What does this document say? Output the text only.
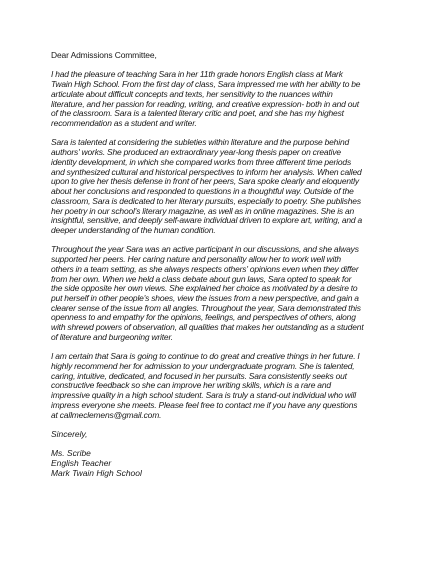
Dear Admissions Committee,

I had the pleasure of teaching Sara in her 11th grade honors English class at Mark
Twain High School. From the first day of class, Sara impressed me with her ability to be
articulate about difficult concepts and texts, her sensitivity to the nuances within
literature, and her passion for reading, writing, and creative expression- both in and out
of the classroom. Sara is a talented literary critic and poet, and she has my highest
recommendation as a student and writer.

Sara is talented at considering the subleties within literature and the purpose behind
authors' works. She produced an extraordinary year-long thesis paper on creative
identity development, in which she compared works from three different time periods
and synthesized cultural and historical perspectives to inform her analysis. When called
upon to give her thesis defense in front of her peers, Sara spoke clearly and eloquently
about her conclusions and responded to questions in a thoughtful way. Outside of the
classroom, Sara is dedicated to her literary pursuits, especially to poetry. She publishes
her poetry in our school's literary magazine, as well as in online magazines. She is an
insightful, sensitive, and deeply self-aware individual driven to explore art, writing, and a
deeper understanding of the human condition.

Throughout the year Sara was an active participant in our discussions, and she always
supported her peers. Her caring nature and personality allow her to work well with
others in a team setting, as she always respects others' opinions even when they differ
from her own. When we held a class debate about gun laws, Sara opted to speak for
the side opposite her own views. She explained her choice as motivated by a desire to
put herself in other people's shoes, view the issues from a new perspective, and gain a
clearer sense of the issue from all angles. Throughout the year, Sara demonstrated this
openness to and empathy for the opinions, feelings, and perspectives of others, along
with shrewd powers of observation, all qualities that makes her outstanding as a student
of literature and burgeoning writer.

I am certain that Sara is going to continue to do great and creative things in her future. I
highly recommend her for admission to your undergraduate program. She is talented,
caring, intuitive, dedicated, and focused in her pursuits. Sara consistently seeks out
constructive feedback so she can improve her writing skills, which is a rare and
impressive quality in a high school student. Sara is truly a stand-out individual who will
impress everyone she meets. Please feel free to contact me if you have any questions
at callmeclemens@gmail.com.

Sincerely,

Ms. Scribe

English Teacher

Mark Twain High School
